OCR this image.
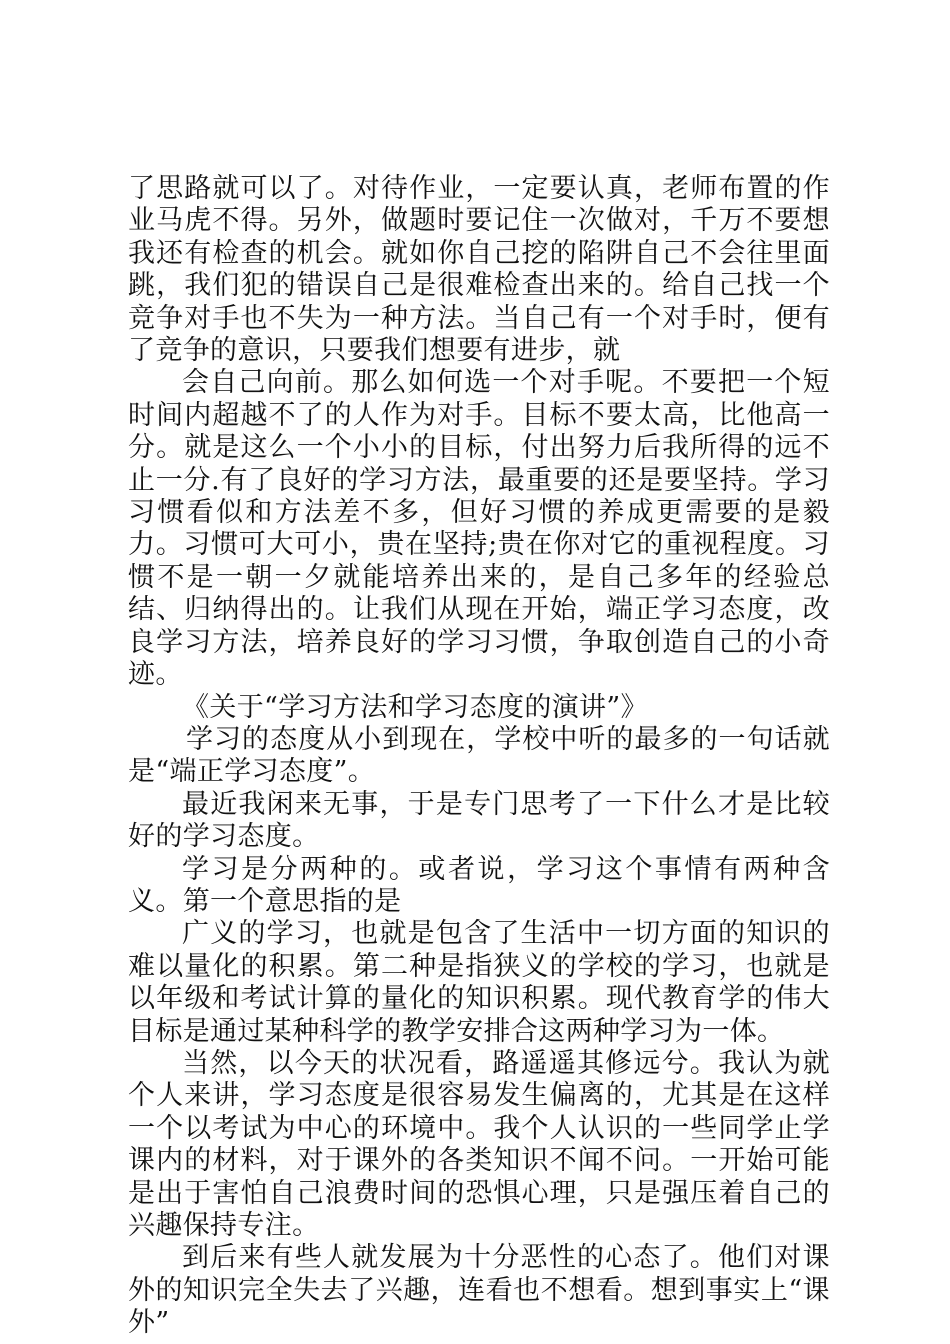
了思路就可以了。对待作业，一定要认真，老师布置的作业马虎不得。另外，做题时要记住一次做对，千万不要想我还有检查的机会。就如你自己挖的陷阱自己不会往里面跳，我们犯的错误自己是很难检查出来的。给自己找一个竞争对手也不失为一种方法。当自己有一个对手时，便有了竞争的意识，只要我们想要有进步，就

会自己向前。那么如何选一个对手呢。不要把一个短时间内超越不了的人作为对手。目标不要太高，比他高一分。就是这么一个小小的目标，付出努力后我所得的远不止一分.有了良好的学习方法，最重要的还是要坚持。学习习惯看似和方法差不多，但好习惯的养成更需要的是毅力。习惯可大可小，贵在坚持;贵在你对它的重视程度。习惯不是一朝一夕就能培养出来的，是自己多年的经验总结、归纳得出的。让我们从现在开始，端正学习态度，改良学习方法，培养良好的学习习惯，争取创造自己的小奇迹。

《关于“学习方法和学习态度的演讲”》

学习的态度从小到现在，学校中听的最多的一句话就是“端正学习态度”。

最近我闲来无事，于是专门思考了一下什么才是比较好的学习态度。

学习是分两种的。或者说，学习这个事情有两种含义。第一个意思指的是

广义的学习，也就是包含了生活中一切方面的知识的难以量化的积累。第二种是指狭义的学校的学习，也就是以年级和考试计算的量化的知识积累。现代教育学的伟大目标是通过某种科学的教学安排合这两种学习为一体。

当然，以今天的状况看，路遥遥其修远兮。我认为就个人来讲，学习态度是很容易发生偏离的，尤其是在这样一个以考试为中心的环境中。我个人认识的一些同学止学课内的材料，对于课外的各类知识不闻不问。一开始可能是出于害怕自己浪费时间的恐惧心理，只是强压着自己的兴趣保持专注。

到后来有些人就发展为十分恶性的心态了。他们对课外的知识完全失去了兴趣，连看也不想看。想到事实上“课外”
